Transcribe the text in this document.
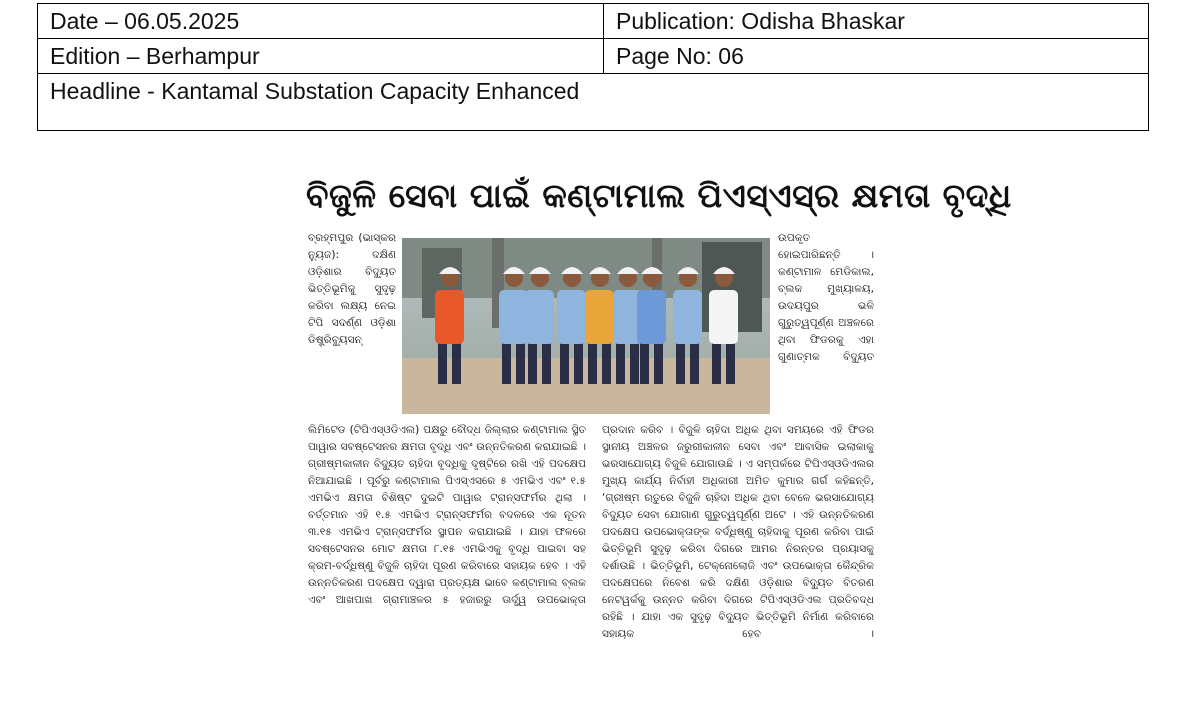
Date – 06.05.2025	Publication: Odisha Bhaskar
Edition – Berhampur	Page No: 06
Headline - Kantamal Substation Capacity Enhanced	
ବିଜୁଳି ସେବା ପାଇଁ କଣ୍ଟାମାଲ ପିଏସ୍‌ଏସ୍‌ର କ୍ଷମତା ବୃଦ୍ଧି

ବ୍ରହ୍ମପୁର (ଭାସ୍କର ନ୍ୟୁଜ): ଦକ୍ଷିଣ ଓଡ଼ିଶାର ବିଦ୍ୟୁତ ଭିତ୍ତିଭୂମିକୁ ସୁଦୃଢ଼ କରିବା ଲକ୍ଷ୍ୟ ନେଇ ଟିପି ସଦର୍ଣ୍ଣ ଓଡ଼ିଶା ଡିଷ୍ଟ୍ରିବ୍ୟୁସନ୍

ଉପକୃତ ହୋଇପାରିଛନ୍ତି । କଣ୍ଟାମାଳ ମେଡିକାଲ, ବ୍ଲକ ମୁଖ୍ୟାଳୟ, ଉଦୟପୁର ଭଳି ଗୁରୁତ୍ୱପୂର୍ଣ୍ଣ ଅଞ୍ଚଳରେ ଥିବା ଫିଡରକୁ ଏହା ଗୁଣାତ୍ମକ ବିଦ୍ୟୁତ

ଲିମିଟେଡ (ଟିପିଏସ୍‌ଓଡିଏଲ) ପକ୍ଷରୁ ବୌଦ୍ଧ ଜିଲ୍ଲାର କଣ୍ଟାମାଲ ସ୍ଥିତ ପାୱାର ସବଷ୍ଟେସନର କ୍ଷମତା ବୃଦ୍ଧି ଏବଂ ଉନ୍ନତିକରଣ କରାଯାଇଛି । ଗ୍ରୀଷ୍ମକାଳୀନ ବିଦ୍ୟୁତ ଚାହିଦା ବୃଦ୍ଧିକୁ ଦୃଷ୍ଟିରେ ରଖି ଏହି ପଦକ୍ଷେପ ନିଆଯାଇଛି । ପୂର୍ବରୁ କଣ୍ଟାମାଲ ପିଏସ୍‌ଏସରେ ୫ ଏମଭିଏ ଏବଂ ୧.୫ ଏମଭିଏ କ୍ଷମତା ବିଶିଷ୍ଟ ଦୁଇଟି ପାୱାର ଟ୍ରାନ୍ସଫର୍ମର ଥିଲା । ବର୍ତ୍ତମାନ ଏହି ୧.୫ ଏମଭିଏ ଟ୍ରାନ୍ସଫର୍ମର ବଦଳରେ ଏକ ନୂତନ ୩.୧୫ ଏମଭିଏ ଟ୍ରାନ୍ସଫର୍ମର ସ୍ଥାପନ କରାଯାଇଛି । ଯାହା ଫଳରେ ସବଷ୍ଟେସନର ମୋଟ କ୍ଷମତା ୮.୧୫ ଏମଭିଏକୁ ବୃଦ୍ଧି ପାଇବା ସହ କ୍ରମ-ବର୍ଦ୍ଧିଷ୍ଣୁ ବିଜୁଳି ଚାହିଦା ପୂରଣ କରିବାରେ ସହାୟକ ହେବ । ଏହି ଉନ୍ନତିକରଣ ପଦକ୍ଷେପ ଦ୍ୱାରା ପ୍ରତ୍ୟକ୍ଷ ଭାବେ କଣ୍ଟାମାଲ ବ୍ଲକ ଏବଂ ଆଖପାଖ ଗ୍ରାମାଞ୍ଚଳର ୫ ହଜାରରୁ ଊର୍ଦ୍ଧ୍ୱ ଉପଭୋକ୍ତା

ପ୍ରଦାନ କରିବ । ବିଜୁଳି ଚାହିଦା ଅଧିକ ଥିବା ସମୟରେ ଏହି ଫିଡର ସ୍ଥାନୀୟ ଅଞ୍ଚଳର ଜରୁରୀକାଳୀନ ସେବା ଏବଂ ଆବାସିକ ଇଲାକାକୁ ଭରସାଯୋଗ୍ୟ ବିଜୁଳି ଯୋଗାଉଛି । ଏ ସମ୍ପର୍କରେ ଟିପିଏସ୍‌ଓଡିଏଲର ମୁଖ୍ୟ କାର୍ଯ୍ୟ ନିର୍ବାହୀ ଅଧିକାରୀ ଅମିତ କୁମାର ଗର୍ଗ କହିଛନ୍ତି, ‘ଗ୍ରୀଷ୍ମ ଋତୁରେ ବିଜୁଳି ଚାହିଦା ଅଧିକ ଥିବା ବେଳେ ଭରସାଯୋଗ୍ୟ ବିଦ୍ୟୁତ ସେବା ଯୋଗାଣ ଗୁରୁତ୍ୱପୂର୍ଣ୍ଣ ଅଟେ । ଏହି ଉନ୍ନତିକରଣ ପଦକ୍ଷେପ ଉପଭୋକ୍ତାଙ୍କ ବର୍ଦ୍ଧିଷ୍ଣୁ ଚାହିଦାକୁ ପୂରଣ କରିବା ପାଇଁ ଭିତ୍ତିଭୂମି ସୁଦୃଢ଼ କରିବା ଦିଗରେ ଆମର ନିରନ୍ତର ପ୍ରୟାସକୁ ଦର୍ଶାଉଛି । ଭିତ୍ତିଭୂମି, ଟେକ୍ନୋଲୋଜି ଏବଂ ଉପଭୋକ୍ତା କୈନ୍ଦ୍ରିକ ପଦକ୍ଷେପରେ ନିବେଶ କରି ଦକ୍ଷିଣ ଓଡ଼ିଶାର ବିଦ୍ୟୁତ ବିତରଣ ନେଟୱର୍କକୁ ଉନ୍ନତ କରିବା ଦିଗରେ ଟିପିଏସ୍‌ଓଡିଏଲ ପ୍ରତିବଦ୍ଧ ରହିଛି । ଯାହା ଏକ ସୁଦୃଢ଼ ବିଦ୍ୟୁତ ଭିତ୍ତିଭୂମି ନିର୍ମାଣ କରିବାରେ ସହାୟକ ହେବ ।
